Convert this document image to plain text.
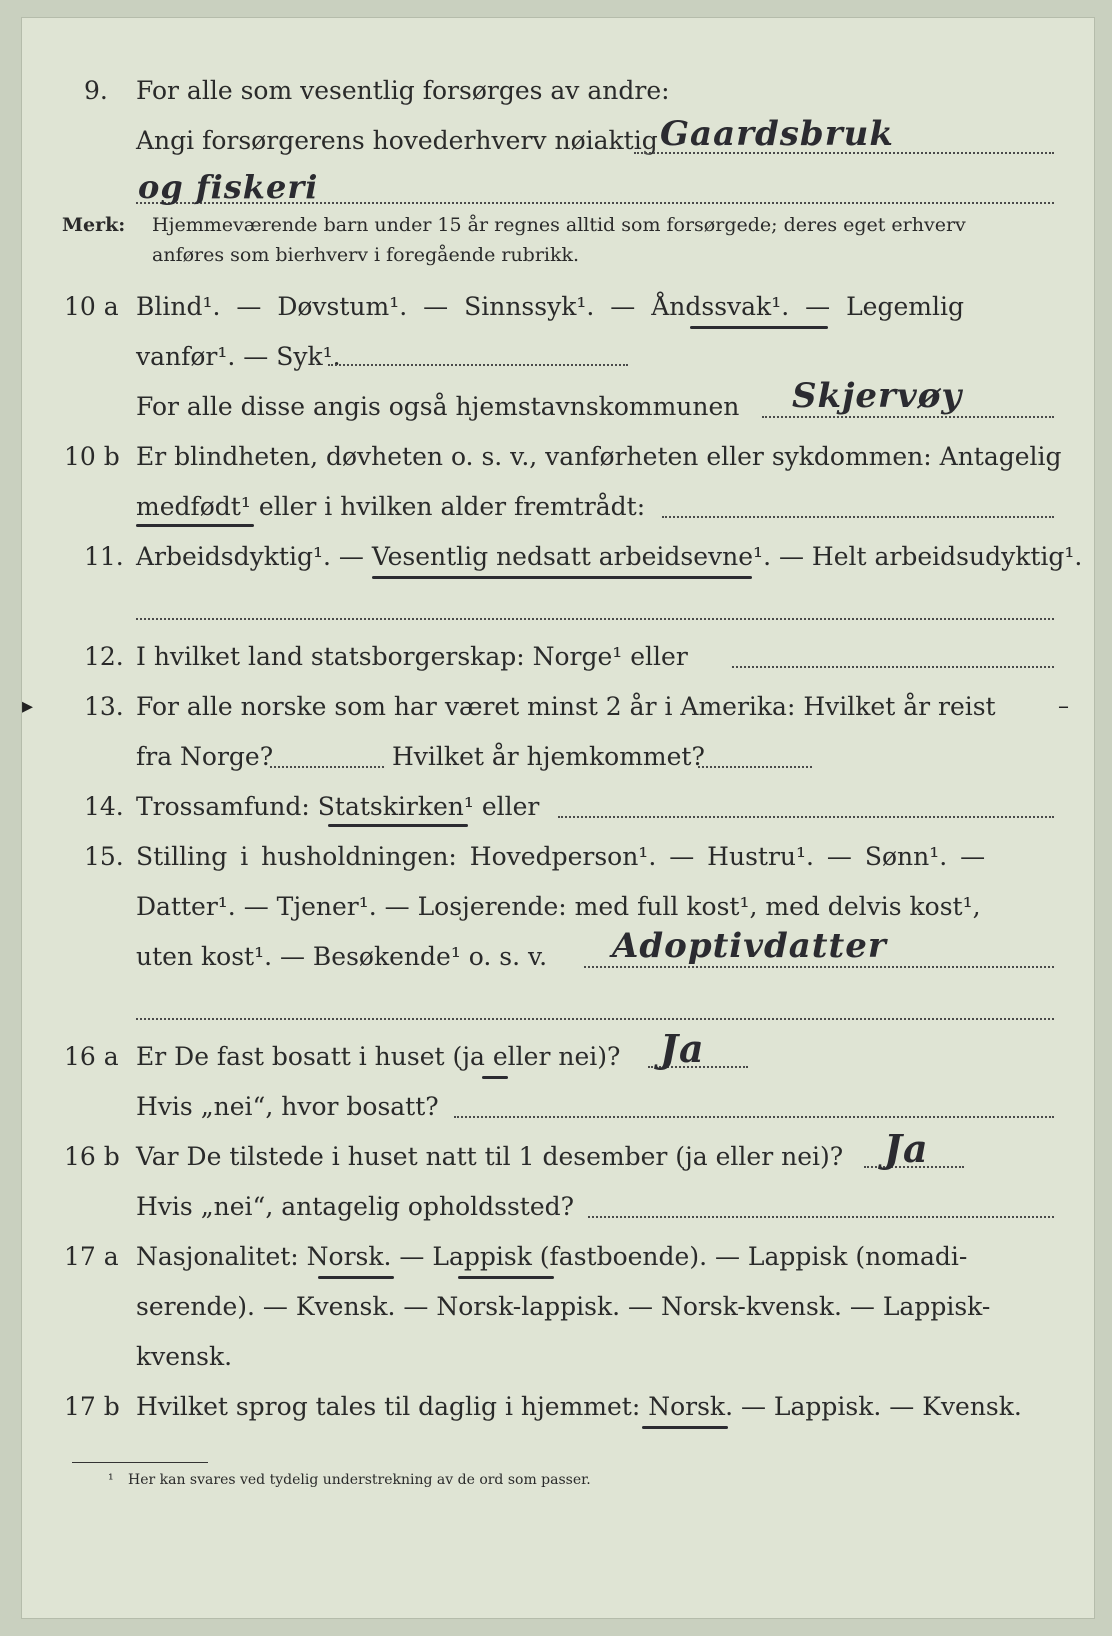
9. For alle som vesentlig forsørges av andre:
Angi forsørgerens hovederhverv nøiaktig Gaardsbruk
og fiskeri
Merk: Hjemmeværende barn under 15 år regnes alltid som forsørgede; deres eget erhverv
anføres som bierhverv i foregående rubrikk.
10 a Blind¹. — Døvstum¹. — Sinnssyk¹. — Åndssvak¹. — Legemlig
vanfør¹. — Syk¹.
For alle disse angis også hjemstavnskommunen Skjervøy
10 b Er blindheten, døvheten o. s. v., vanførheten eller sykdommen: Antagelig
medfødt¹ eller i hvilken alder fremtrådt:
11. Arbeidsdyktig¹. — Vesentlig nedsatt arbeidsevne¹. — Helt arbeidsudyktig¹.
12. I hvilket land statsborgerskap: Norge¹ eller
▸ 13. For alle norske som har været minst 2 år i Amerika: Hvilket år reist	–
fra Norge?	Hvilket år hjemkommet?
14. Trossamfund: Statskirken¹ eller
15. Stilling i husholdningen: Hovedperson¹. — Hustru¹. — Sønn¹. —
Datter¹. — Tjener¹. — Losjerende: med full kost¹, med delvis kost¹,
uten kost¹. — Besøkende¹ o. s. v. Adoptivdatter
16 a Er De fast bosatt i huset (ja eller nei)? Ja
Hvis „nei“, hvor bosatt?
16 b Var De tilstede i huset natt til 1 desember (ja eller nei)? Ja
Hvis „nei“, antagelig opholdssted?
17 a Nasjonalitet: Norsk. — Lappisk (fastboende). — Lappisk (nomadi-
serende). — Kvensk. — Norsk-lappisk. — Norsk-kvensk. — Lappisk-
kvensk.
17 b Hvilket sprog tales til daglig i hjemmet: Norsk. — Lappisk. — Kvensk.
¹ Her kan svares ved tydelig understrekning av de ord som passer.
